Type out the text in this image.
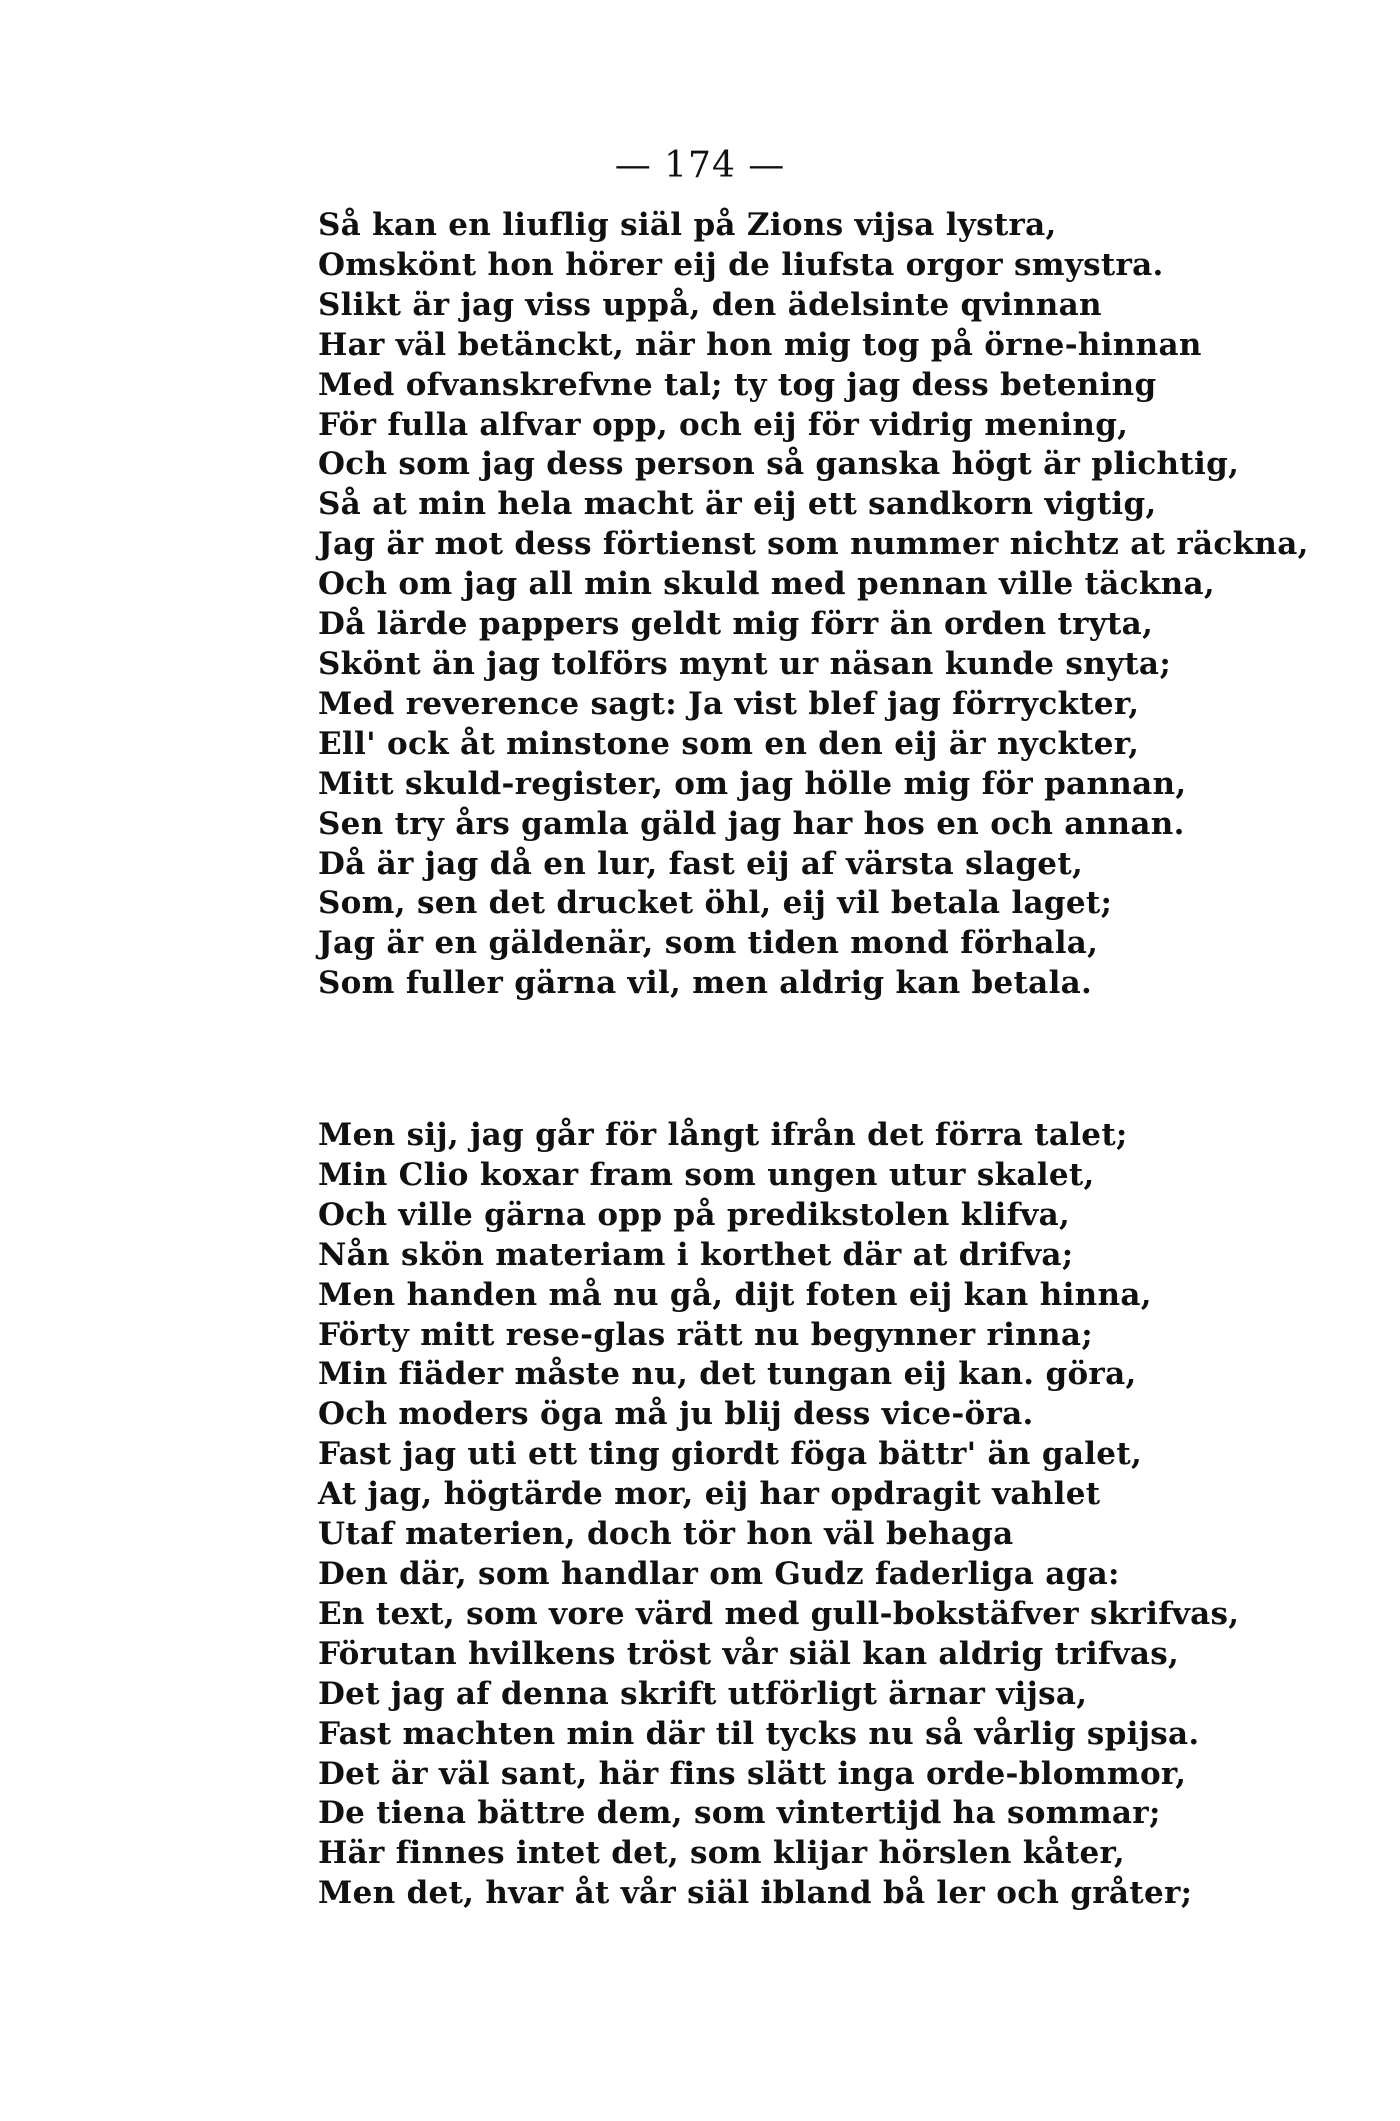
— 174 —
Så kan en liuflig siäl på Zions vijsa lystra,
Omskönt hon hörer eij de liufsta orgor smystra.
Slikt är jag viss uppå, den ädelsinte qvinnan
Har väl betänckt, när hon mig tog på örne-hinnan
Med ofvanskrefvne tal; ty tog jag dess betening
För fulla alfvar opp, och eij för vidrig mening,
Och som jag dess person så ganska högt är plichtig,
Så at min hela macht är eij ett sandkorn vigtig,
Jag är mot dess förtienst som nummer nichtz at räckna,
Och om jag all min skuld med pennan ville täckna,
Då lärde pappers geldt mig förr än orden tryta,
Skönt än jag tolförs mynt ur näsan kunde snyta;
Med reverence sagt: Ja vist blef jag förryckter,
Ell' ock åt minstone som en den eij är nyckter,
Mitt skuld-register, om jag hölle mig för pannan,
Sen try års gamla gäld jag har hos en och annan.
Då är jag då en lur, fast eij af värsta slaget,
Som, sen det drucket öhl, eij vil betala laget;
Jag är en gäldenär, som tiden mond förhala,
Som fuller gärna vil, men aldrig kan betala.
Men sij, jag går för långt ifrån det förra talet;
Min Clio koxar fram som ungen utur skalet,
Och ville gärna opp på predikstolen klifva,
Nån skön materiam i korthet där at drifva;
Men handen må nu gå, dijt foten eij kan hinna,
Förty mitt rese-glas rätt nu begynner rinna;
Min fiäder måste nu, det tungan eij kan. göra,
Och moders öga må ju blij dess vice-öra.
Fast jag uti ett ting giordt föga bättr' än galet,
At jag, högtärde mor, eij har opdragit vahlet
Utaf materien, doch tör hon väl behaga
Den där, som handlar om Gudz faderliga aga:
En text, som vore värd med gull-bokstäfver skrifvas,
Förutan hvilkens tröst vår siäl kan aldrig trifvas,
Det jag af denna skrift utförligt ärnar vijsa,
Fast machten min där til tycks nu så vårlig spijsa.
Det är väl sant, här fins slätt inga orde-blommor,
De tiena bättre dem, som vintertijd ha sommar;
Här finnes intet det, som klijar hörslen kåter,
Men det, hvar åt vår siäl ibland bå ler och gråter;
